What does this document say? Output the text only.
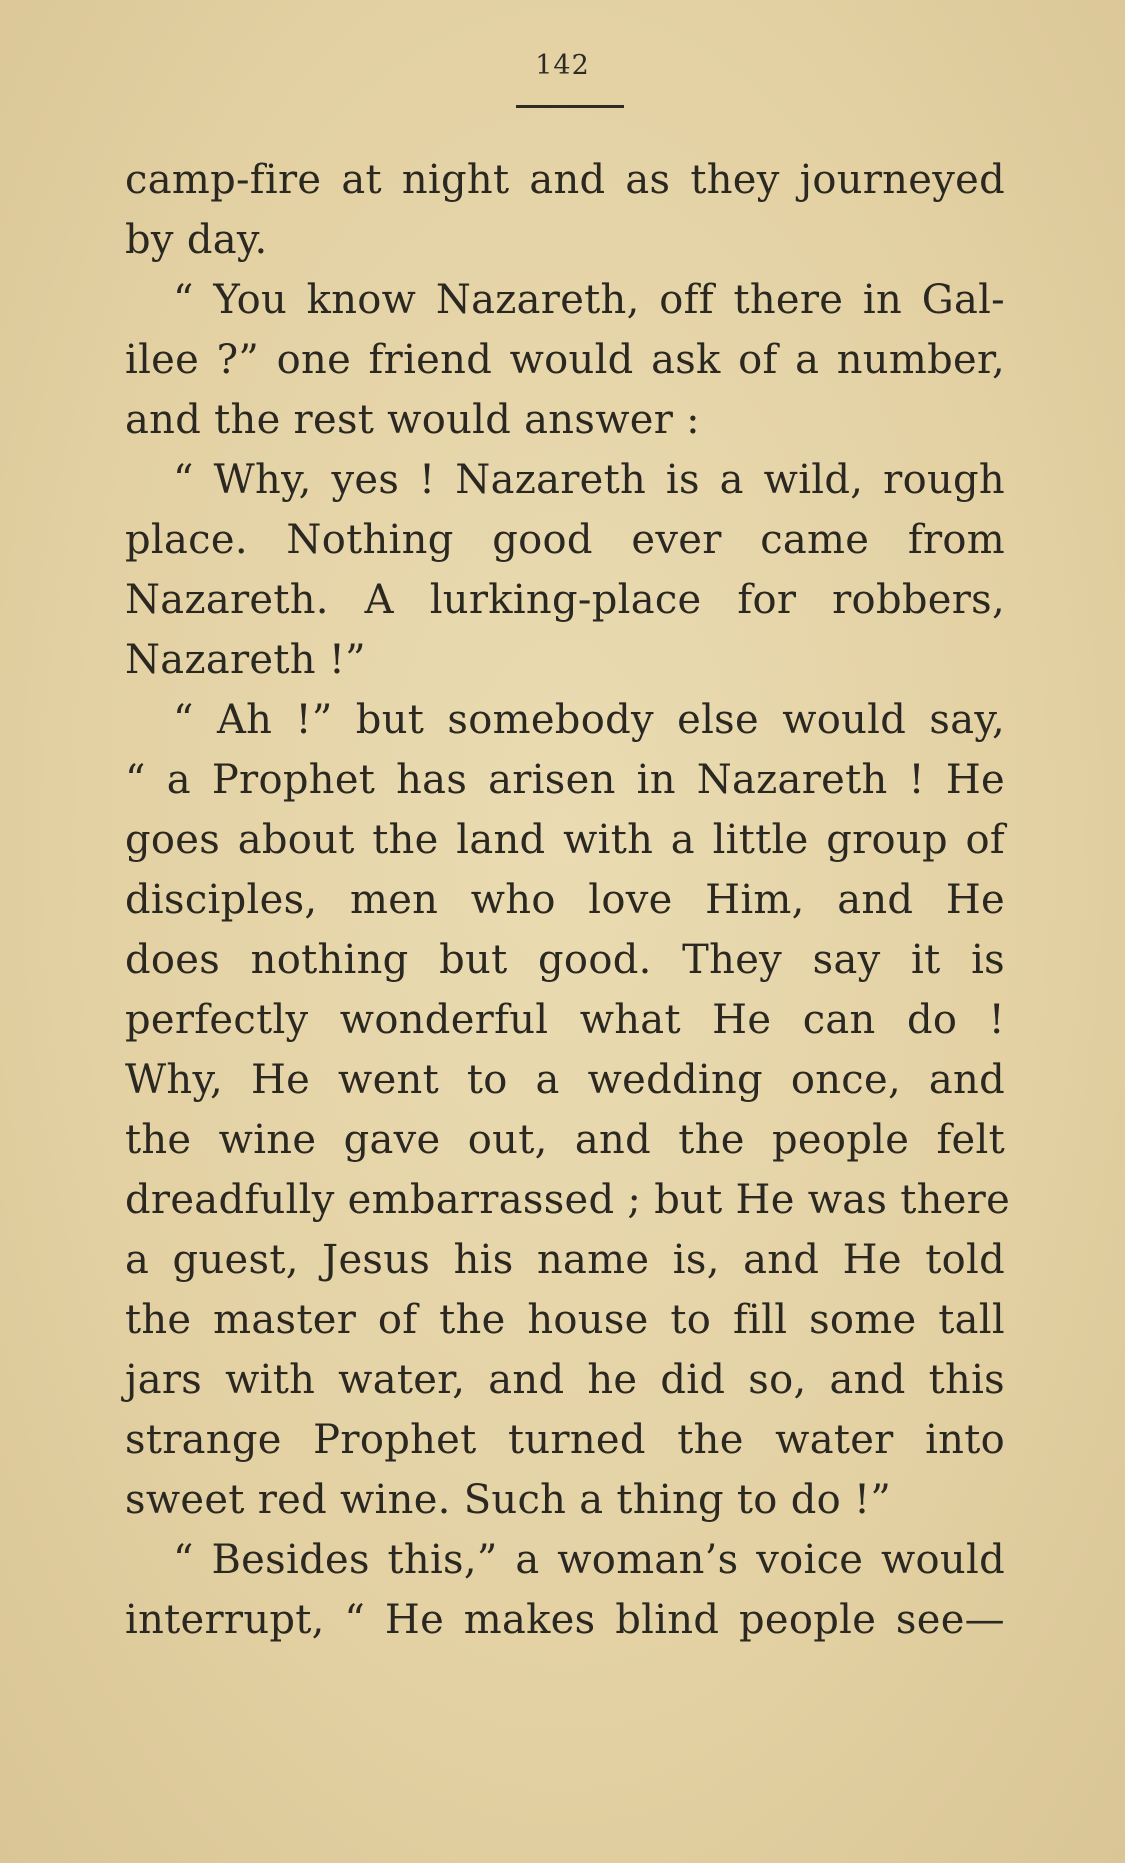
142
camp-fire at night and as they journeyed
by day.
“ You know Nazareth, off there in Gal-
ilee ?” one friend would ask of a number,
and the rest would answer :
“ Why, yes ! Nazareth is a wild, rough
place. Nothing good ever came from
Nazareth. A lurking-place for robbers,
Nazareth !”
“ Ah !” but somebody else would say,
“ a Prophet has arisen in Nazareth ! He
goes about the land with a little group of
disciples, men who love Him, and He
does nothing but good. They say it is
perfectly wonderful what He can do !
Why, He went to a wedding once, and
the wine gave out, and the people felt
dreadfully embarrassed ; but He was there
a guest, Jesus his name is, and He told
the master of the house to fill some tall
jars with water, and he did so, and this
strange Prophet turned the water into
sweet red wine. Such a thing to do !”
“ Besides this,” a woman’s voice would
interrupt, “ He makes blind people see—
